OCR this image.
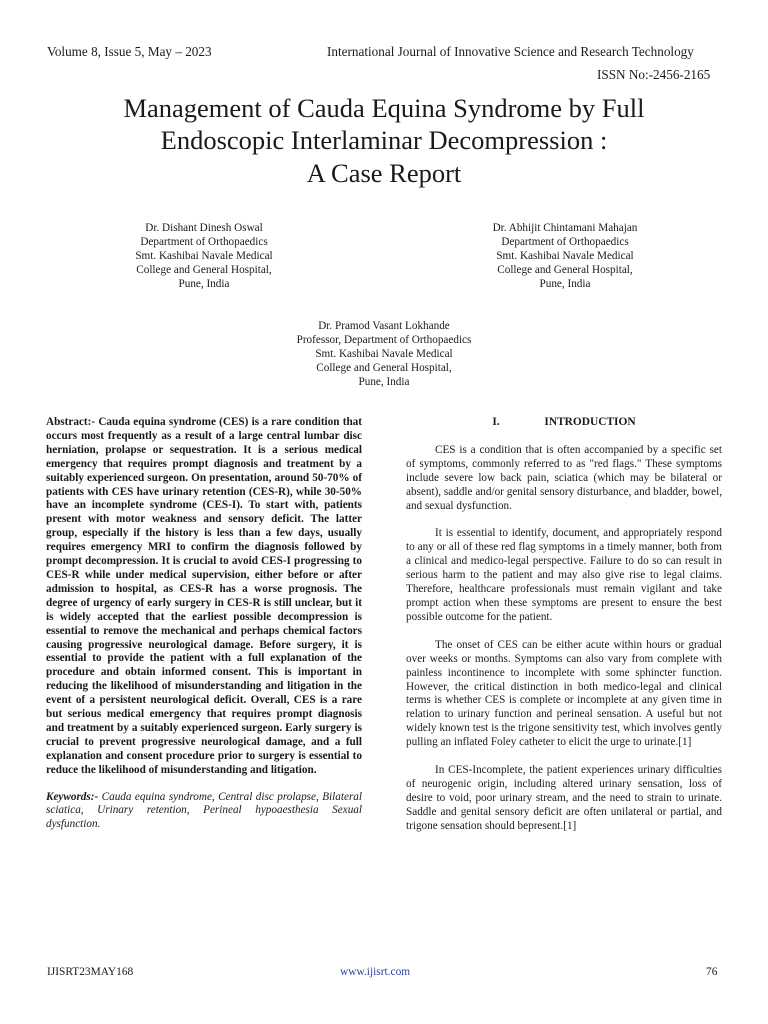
Volume 8, Issue 5, May – 2023	International Journal of Innovative Science and Research Technology
ISSN No:-2456-2165
Management of Cauda Equina Syndrome by Full
Endoscopic Interlaminar Decompression :
A Case Report
Dr. Dishant Dinesh Oswal
Department of Orthopaedics
Smt. Kashibai Navale Medical
College and General Hospital,
Pune, India
Dr. Abhijit Chintamani Mahajan
Department of Orthopaedics
Smt. Kashibai Navale Medical
College and General Hospital,
Pune, India
Dr. Pramod Vasant Lokhande
Professor, Department of Orthopaedics
Smt. Kashibai Navale Medical
College and General Hospital,
Pune, India
Abstract:- Cauda equina syndrome (CES) is a rare condition that occurs most frequently as a result of a large central lumbar disc herniation, prolapse or sequestration. It is a serious medical emergency that requires prompt diagnosis and treatment by a suitably experienced surgeon. On presentation, around 50-70% of patients with CES have urinary retention (CES-R), while 30-50% have an incomplete syndrome (CES-I). To start with, patients present with motor weakness and sensory deficit. The latter group, especially if the history is less than a few days, usually requires emergency MRI to confirm the diagnosis followed by prompt decompression. It is crucial to avoid CES-I progressing to CES-R while under medical supervision, either before or after admission to hospital, as CES-R has a worse prognosis. The degree of urgency of early surgery in CES-R is still unclear, but it is widely accepted that the earliest possible decompression is essential to remove the mechanical and perhaps chemical factors causing progressive neurological damage. Before surgery, it is essential to provide the patient with a full explanation of the procedure and obtain informed consent. This is important in reducing the likelihood of misunderstanding and litigation in the event of a persistent neurological deficit. Overall, CES is a rare but serious medical emergency that requires prompt diagnosis and treatment by a suitably experienced surgeon. Early surgery is crucial to prevent progressive neurological damage, and a full explanation and consent procedure prior to surgery is essential to reduce the likelihood of misunderstanding and litigation.
Keywords:- Cauda equina syndrome, Central disc prolapse, Bilateral sciatica, Urinary retention, Perineal hypoaesthesia Sexual dysfunction.
I.	INTRODUCTION

CES is a condition that is often accompanied by a specific set of symptoms, commonly referred to as "red flags." These symptoms include severe low back pain, sciatica (which may be bilateral or absent), saddle and/or genital sensory disturbance, and bladder, bowel, and sexual dysfunction.

It is essential to identify, document, and appropriately respond to any or all of these red flag symptoms in a timely manner, both from a clinical and medico-legal perspective. Failure to do so can result in serious harm to the patient and may also give rise to legal claims. Therefore, healthcare professionals must remain vigilant and take prompt action when these symptoms are present to ensure the best possible outcome for the patient.

The onset of CES can be either acute within hours or gradual over weeks or months. Symptoms can also vary from complete with painless incontinence to incomplete with some sphincter function. However, the critical distinction in both medico-legal and clinical terms is whether CES is complete or incomplete at any given time in relation to urinary function and perineal sensation. A useful but not widely known test is the trigone sensitivity test, which involves gently pulling an inflated Foley catheter to elicit the urge to urinate.[1]

In CES-Incomplete, the patient experiences urinary difficulties of neurogenic origin, including altered urinary sensation, loss of desire to void, poor urinary stream, and the need to strain to urinate. Saddle and genital sensory deficit are often unilateral or partial, and trigone sensation should bepresent.[1]

IJISRT23MAY168	www.ijisrt.com	76
